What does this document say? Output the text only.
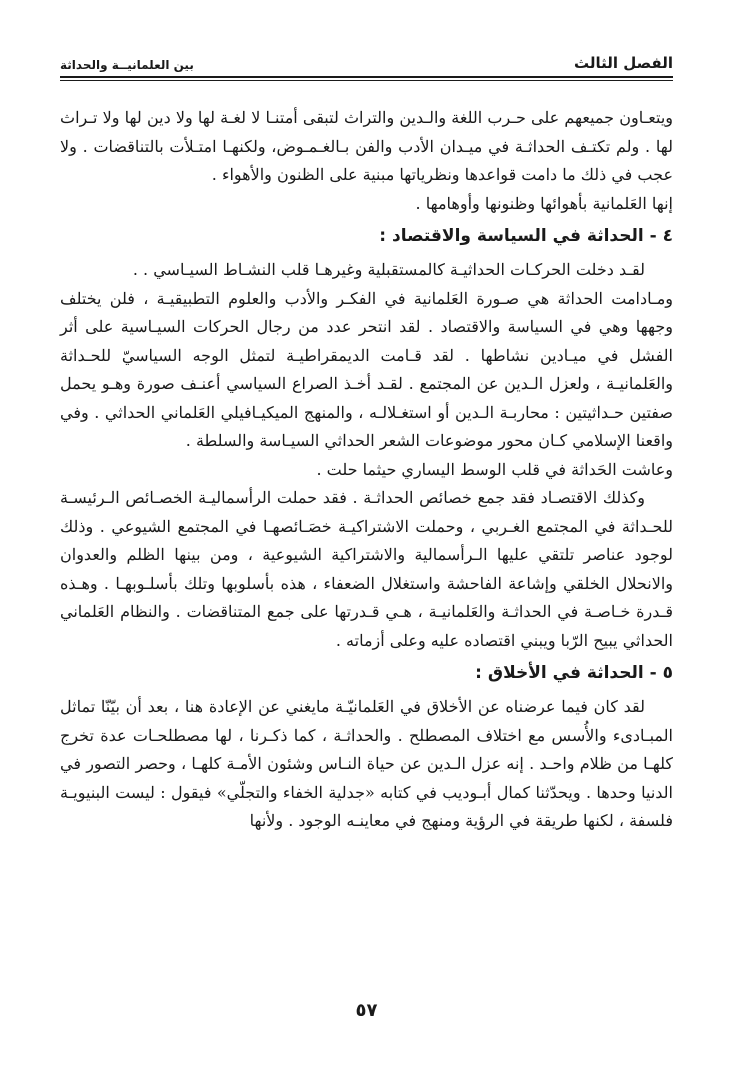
الفصل الثالث
بين العلمانيــة والحداثة

ويتعـاون جميعهم على حـرب اللغة والـدين والتراث لتبقى أمتنـا لا لغـة لها ولا دين لها ولا تـراث لها . ولم تكتـف الحداثـة في ميـدان الأدب والفن بـالغـمـوض، ولكنهـا امتـلأت بالتناقضات . ولا عجب في ذلك ما دامت قواعدها ونظرياتها مبنية على الظنون والأهواء .

إنها العَلمانية بأهوائها وظنونها وأوهامها .

٤ - الحداثة في السياسة والاقتصاد :

لقـد دخلت الحركـات الحداثيـة كالمستقبلية وغيرهـا قلب النشـاط السيـاسي . .

ومـادامت الحداثة هي صـورة العَلمانية في الفكـر والأدب والعلوم التطبيقيـة ، فلن يختلف وجهها وهي في السياسة والاقتصاد . لقد انتحر عدد من رجال الحركات السيـاسية على أثر الفشل في ميـادين نشاطها . لقد قـامت الديمقراطيـة لتمثل الوجه السياسيّ للحـداثة والعَلمانيـة ، ولعزل الـدين عن المجتمع . لقـد أخـذ الصراع السياسي أعنـف صورة وهـو يحمل صفتين حـداثيتين : محاربـة الـدين أو استغـلالـه ، والمنهج الميكيـافيلي العَلماني الحداثي . وفي واقعنا الإسلامي كـان محور موضوعات الشعر الحداثي السيـاسة والسلطة .

وعاشت الحَداثة في قلب الوسط اليساري حيثما حلت .

وكذلك الاقتصـاد فقد جمع خصائص الحداثـة . فقد حملت الرأسماليـة الخصـائص الـرئيسـة للحـداثة في المجتمع الغـربي ، وحملت الاشتراكيـة خصَـائصهـا في المجتمع الشيوعي . وذلك لوجود عناصر تلتقي عليها الـرأسمالية والاشتراكية الشيوعية ، ومن بينها الظلم والعدوان والانحلال الخلقي وإشاعة الفاحشة واستغلال الضعفاء ، هذه بأسلوبها وتلك بأسلـوبهـا . وهـذه قـدرة خـاصـة في الحداثـة والعَلمانيـة ، هـي قـدرتها على جمع المتناقضات . والنظام العَلماني الحداثي يبيح الرّبا ويبني اقتصاده عليه وعلى أزماته .

٥ - الحداثة في الأخلاق :

لقد كان فيما عرضناه عن الأخلاق في العَلمانيّـة مايغني عن الإعادة هنا ، بعد أن بيّنّا تماثل المبـادىء والأُسس مع اختلاف المصطلح . والحداثـة ، كما ذكـرنا ، لها مصطلحـات عدة تخرج كلهـا من ظلام واحـد . إنه عزل الـدين عن حياة النـاس وشئون الأمـة كلهـا ، وحصر التصور في الدنيا وحدها . ويحدّثنا كمال أبـوديب في كتابه «جدلية الخفاء والتجلّي» فيقول : ليست البنيويـة فلسفة ، لكنها طريقة في الرؤية ومنهج في معاينـه الوجود . ولأنها

٥٧
